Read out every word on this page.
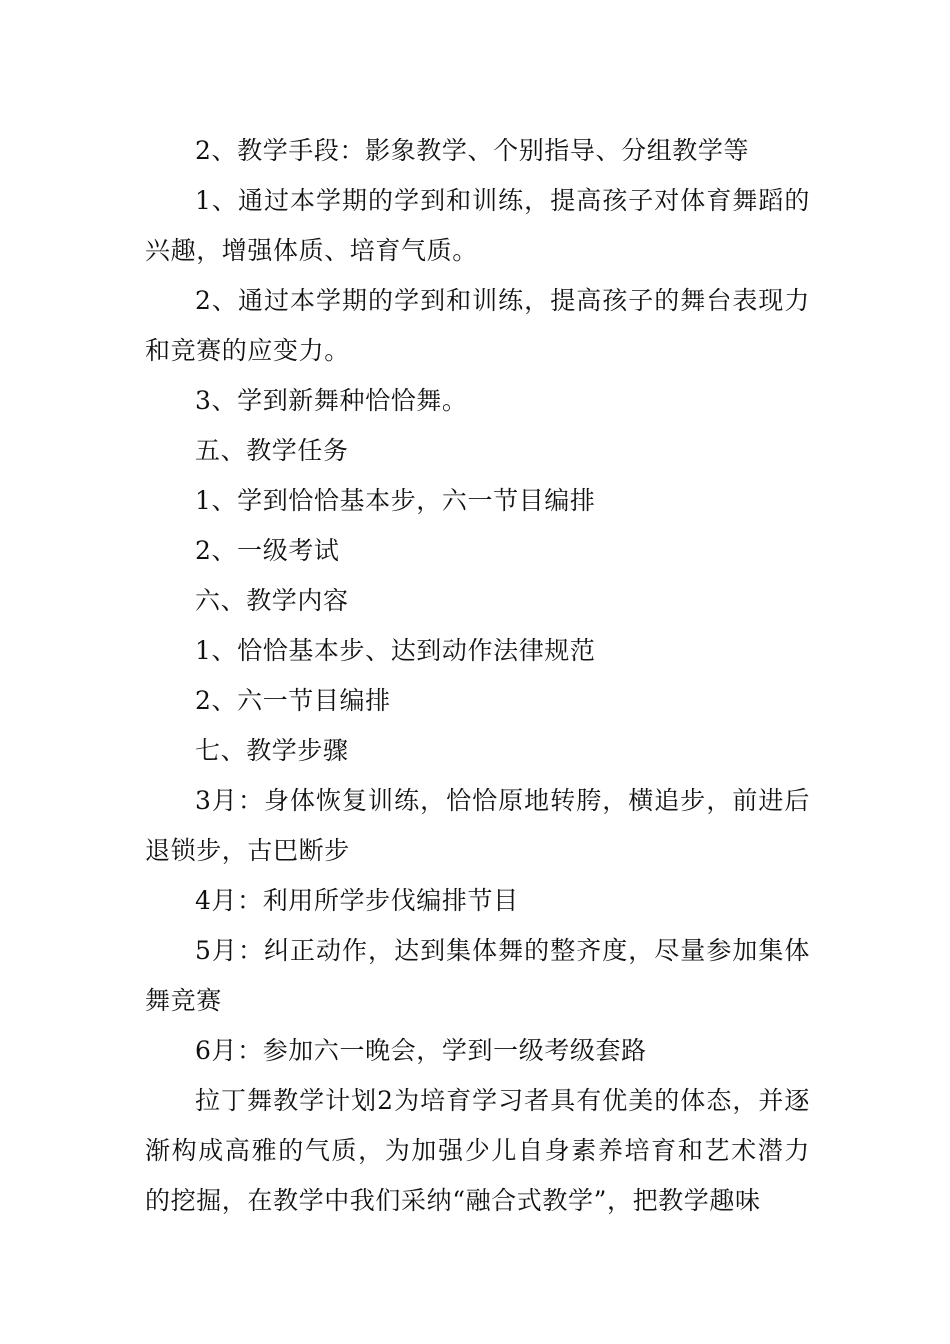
2、教学手段：影象教学、个别指导、分组教学等

1、通过本学期的学到和训练，提高孩子对体育舞蹈的兴趣，增强体质、培育气质。

2、通过本学期的学到和训练，提高孩子的舞台表现力和竞赛的应变力。

3、学到新舞种恰恰舞。

五、教学任务

1、学到恰恰基本步，六一节目编排

2、一级考试

六、教学内容

1、恰恰基本步、达到动作法律规范

2、六一节目编排

七、教学步骤

3月：身体恢复训练，恰恰原地转胯，横追步，前进后退锁步，古巴断步

4月：利用所学步伐编排节目

5月：纠正动作，达到集体舞的整齐度，尽量参加集体舞竞赛

6月：参加六一晚会，学到一级考级套路

拉丁舞教学计划2为培育学习者具有优美的体态，并逐渐构成高雅的气质，为加强少儿自身素养培育和艺术潜力的挖掘，在教学中我们采纳“融合式教学”，把教学趣味
